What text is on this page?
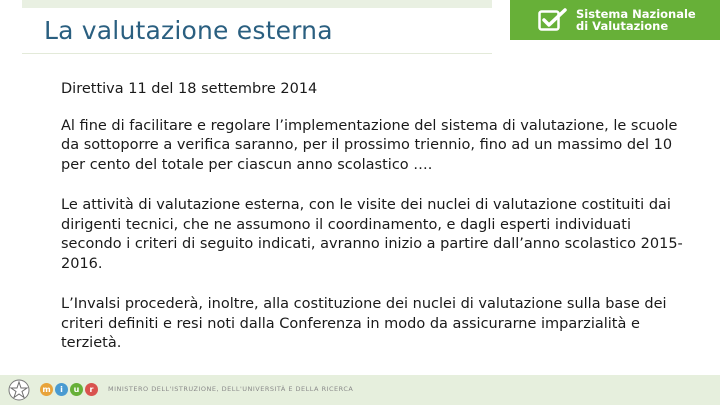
La valutazione esterna
Sistema Nazionale
di Valutazione

Direttiva 11 del 18 settembre 2014

Al fine di facilitare e regolare l’implementazione del sistema di valutazione, le scuole da sottoporre a verifica saranno, per il prossimo triennio, fino ad un massimo del 10 per cento del totale per ciascun anno scolastico ….

Le attività di valutazione esterna, con le visite dei nuclei di valutazione costituiti dai dirigenti tecnici, che ne assumono il coordinamento, e dagli esperti individuati secondo i criteri di seguito indicati, avranno inizio a partire dall’anno scolastico 2015-2016.

L’Invalsi procederà, inoltre, alla costituzione dei nuclei di valutazione sulla base dei criteri definiti e resi noti dalla Conferenza in modo da assicurarne imparzialità e terzietà.

m	i	u	r	MINISTERO DELL'ISTRUZIONE, DELL'UNIVERSITÀ E DELLA RICERCA
